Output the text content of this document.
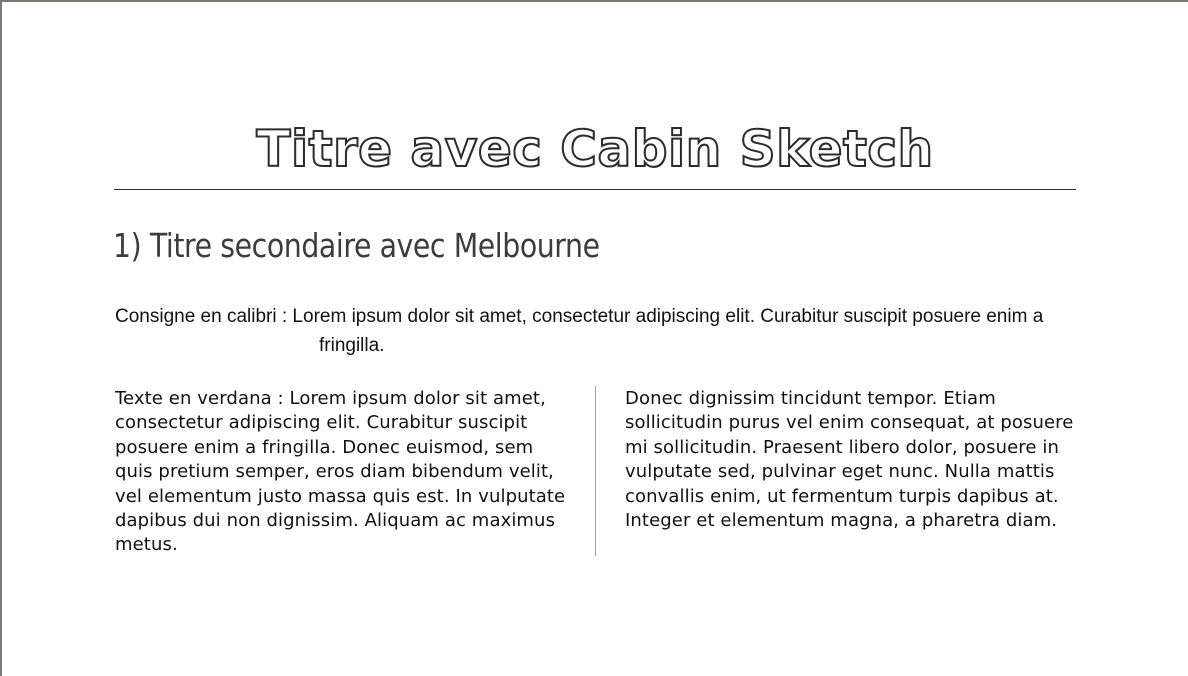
Titre avec Cabin Sketch
1) Titre secondaire avec Melbourne

Consigne en calibri : Lorem ipsum dolor sit amet, consectetur adipiscing elit. Curabitur suscipit posuere enim a fringilla.

Texte en verdana : Lorem ipsum dolor sit amet, consectetur adipiscing elit. Curabitur suscipit posuere enim a fringilla. Donec euismod, sem quis pretium semper, eros diam bibendum velit, vel elementum justo massa quis est. In vulputate dapibus dui non dignissim. Aliquam ac maximus metus.

Donec dignissim tincidunt tempor. Etiam sollicitudin purus vel enim consequat, at posuere mi sollicitudin. Praesent libero dolor, posuere in vulputate sed, pulvinar eget nunc. Nulla mattis convallis enim, ut fermentum turpis dapibus at. Integer et elementum magna, a pharetra diam.
